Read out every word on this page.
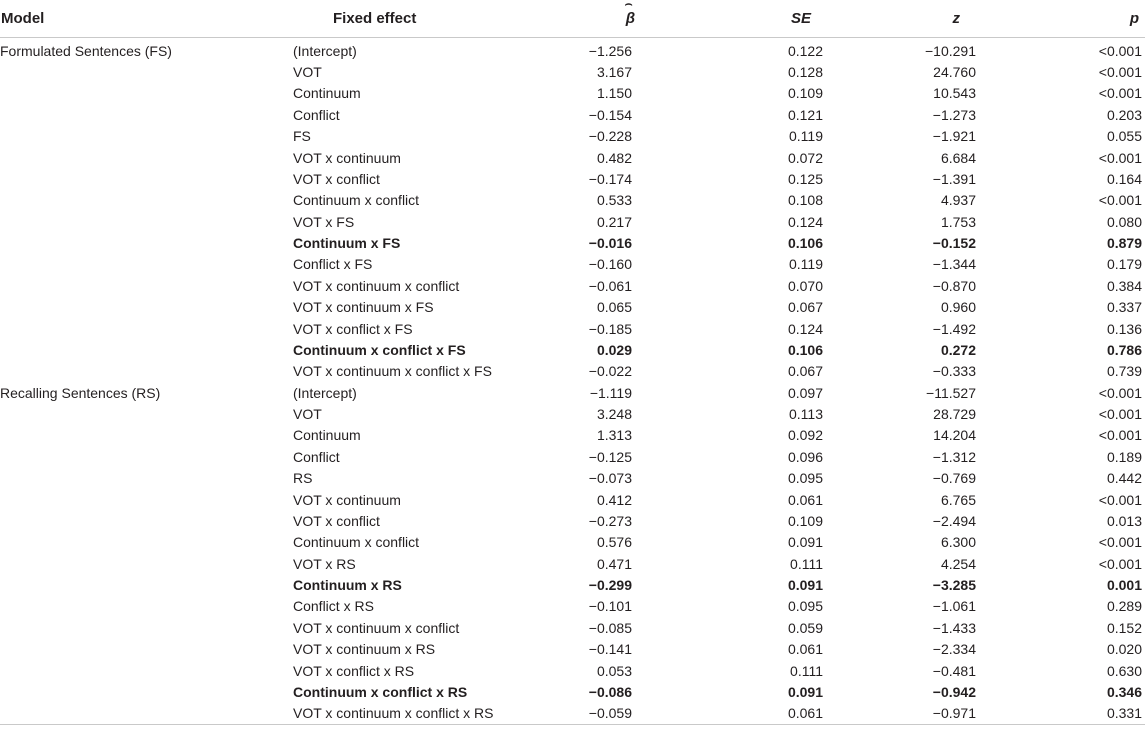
Model	Fixed effect	⌢ β	SE	z	p
Formulated Sentences (FS)	(Intercept)	−1.256	0.122	−10.291	<0.001
	VOT	3.167	0.128	24.760	<0.001
	Continuum	1.150	0.109	10.543	<0.001
	Conflict	−0.154	0.121	−1.273	0.203
	FS	−0.228	0.119	−1.921	0.055
	VOT x continuum	0.482	0.072	6.684	<0.001
	VOT x conflict	−0.174	0.125	−1.391	0.164
	Continuum x conflict	0.533	0.108	4.937	<0.001
	VOT x FS	0.217	0.124	1.753	0.080
	Continuum x FS	−0.016	0.106	−0.152	0.879
	Conflict x FS	−0.160	0.119	−1.344	0.179
	VOT x continuum x conflict	−0.061	0.070	−0.870	0.384
	VOT x continuum x FS	0.065	0.067	0.960	0.337
	VOT x conflict x FS	−0.185	0.124	−1.492	0.136
	Continuum x conflict x FS	0.029	0.106	0.272	0.786
	VOT x continuum x conflict x FS	−0.022	0.067	−0.333	0.739
Recalling Sentences (RS)	(Intercept)	−1.119	0.097	−11.527	<0.001
	VOT	3.248	0.113	28.729	<0.001
	Continuum	1.313	0.092	14.204	<0.001
	Conflict	−0.125	0.096	−1.312	0.189
	RS	−0.073	0.095	−0.769	0.442
	VOT x continuum	0.412	0.061	6.765	<0.001
	VOT x conflict	−0.273	0.109	−2.494	0.013
	Continuum x conflict	0.576	0.091	6.300	<0.001
	VOT x RS	0.471	0.111	4.254	<0.001
	Continuum x RS	−0.299	0.091	−3.285	0.001
	Conflict x RS	−0.101	0.095	−1.061	0.289
	VOT x continuum x conflict	−0.085	0.059	−1.433	0.152
	VOT x continuum x RS	−0.141	0.061	−2.334	0.020
	VOT x conflict x RS	0.053	0.111	−0.481	0.630
	Continuum x conflict x RS	−0.086	0.091	−0.942	0.346
	VOT x continuum x conflict x RS	−0.059	0.061	−0.971	0.331
